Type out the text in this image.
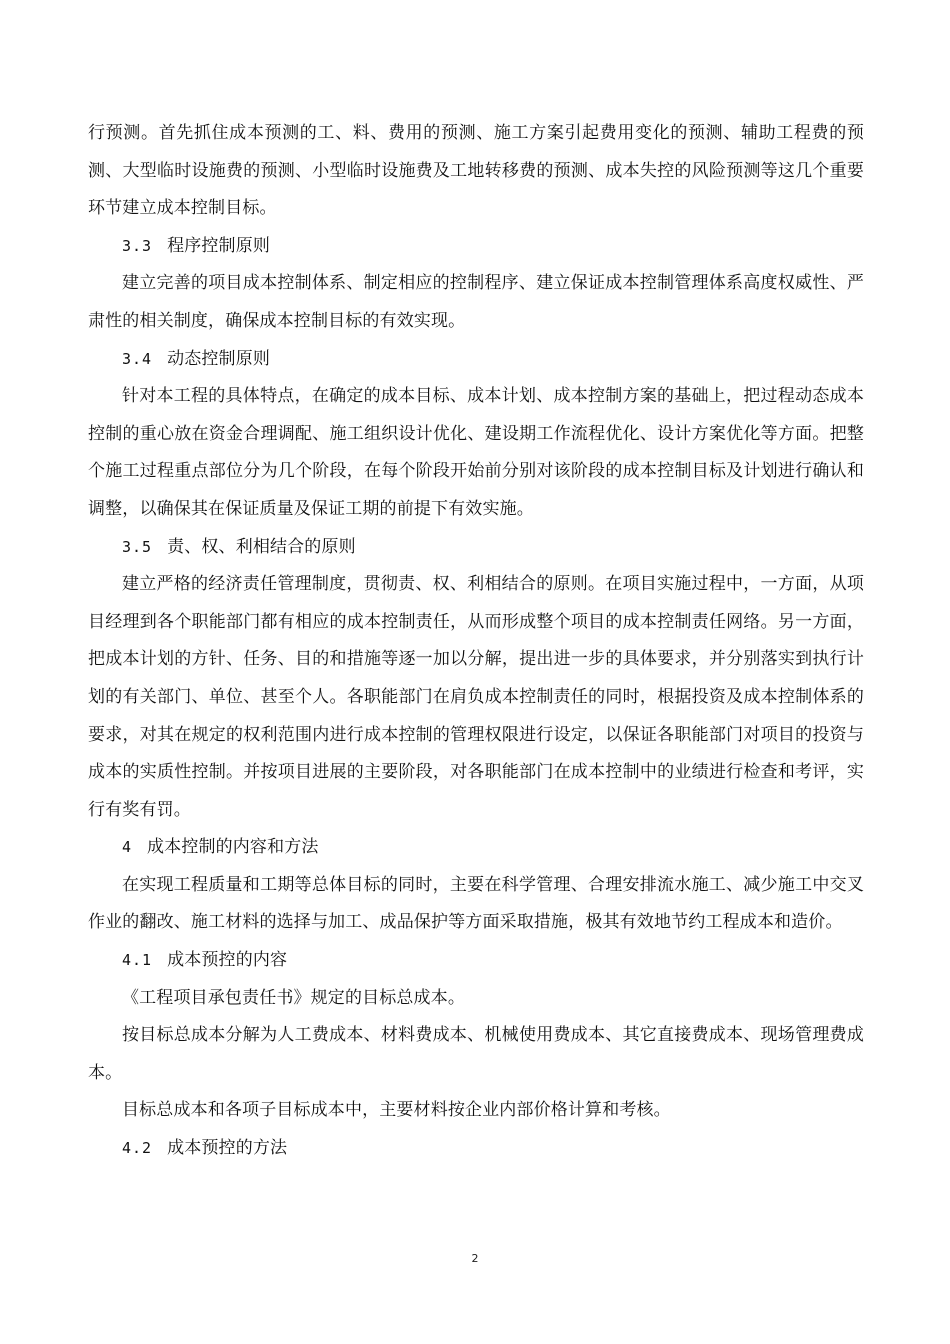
行预测。首先抓住成本预测的工、料、费用的预测、施工方案引起费用变化的预测、辅助工程费的预测、大型临时设施费的预测、小型临时设施费及工地转移费的预测、成本失控的风险预测等这几个重要环节建立成本控制目标。

3.3 程序控制原则

建立完善的项目成本控制体系、制定相应的控制程序、建立保证成本控制管理体系高度权威性、严肃性的相关制度，确保成本控制目标的有效实现。

3.4 动态控制原则

针对本工程的具体特点，在确定的成本目标、成本计划、成本控制方案的基础上，把过程动态成本控制的重心放在资金合理调配、施工组织设计优化、建设期工作流程优化、设计方案优化等方面。把整个施工过程重点部位分为几个阶段，在每个阶段开始前分别对该阶段的成本控制目标及计划进行确认和调整，以确保其在保证质量及保证工期的前提下有效实施。

3.5 责、权、利相结合的原则

建立严格的经济责任管理制度，贯彻责、权、利相结合的原则。在项目实施过程中，一方面，从项目经理到各个职能部门都有相应的成本控制责任，从而形成整个项目的成本控制责任网络。另一方面，把成本计划的方针、任务、目的和措施等逐一加以分解，提出进一步的具体要求，并分别落实到执行计划的有关部门、单位、甚至个人。各职能部门在肩负成本控制责任的同时，根据投资及成本控制体系的要求，对其在规定的权利范围内进行成本控制的管理权限进行设定，以保证各职能部门对项目的投资与成本的实质性控制。并按项目进展的主要阶段，对各职能部门在成本控制中的业绩进行检查和考评，实行有奖有罚。

4 成本控制的内容和方法

在实现工程质量和工期等总体目标的同时，主要在科学管理、合理安排流水施工、减少施工中交叉作业的翻改、施工材料的选择与加工、成品保护等方面采取措施，极其有效地节约工程成本和造价。

4.1 成本预控的内容

《工程项目承包责任书》规定的目标总成本。

按目标总成本分解为人工费成本、材料费成本、机械使用费成本、其它直接费成本、现场管理费成本。

目标总成本和各项子目标成本中，主要材料按企业内部价格计算和考核。

4.2 成本预控的方法

2
